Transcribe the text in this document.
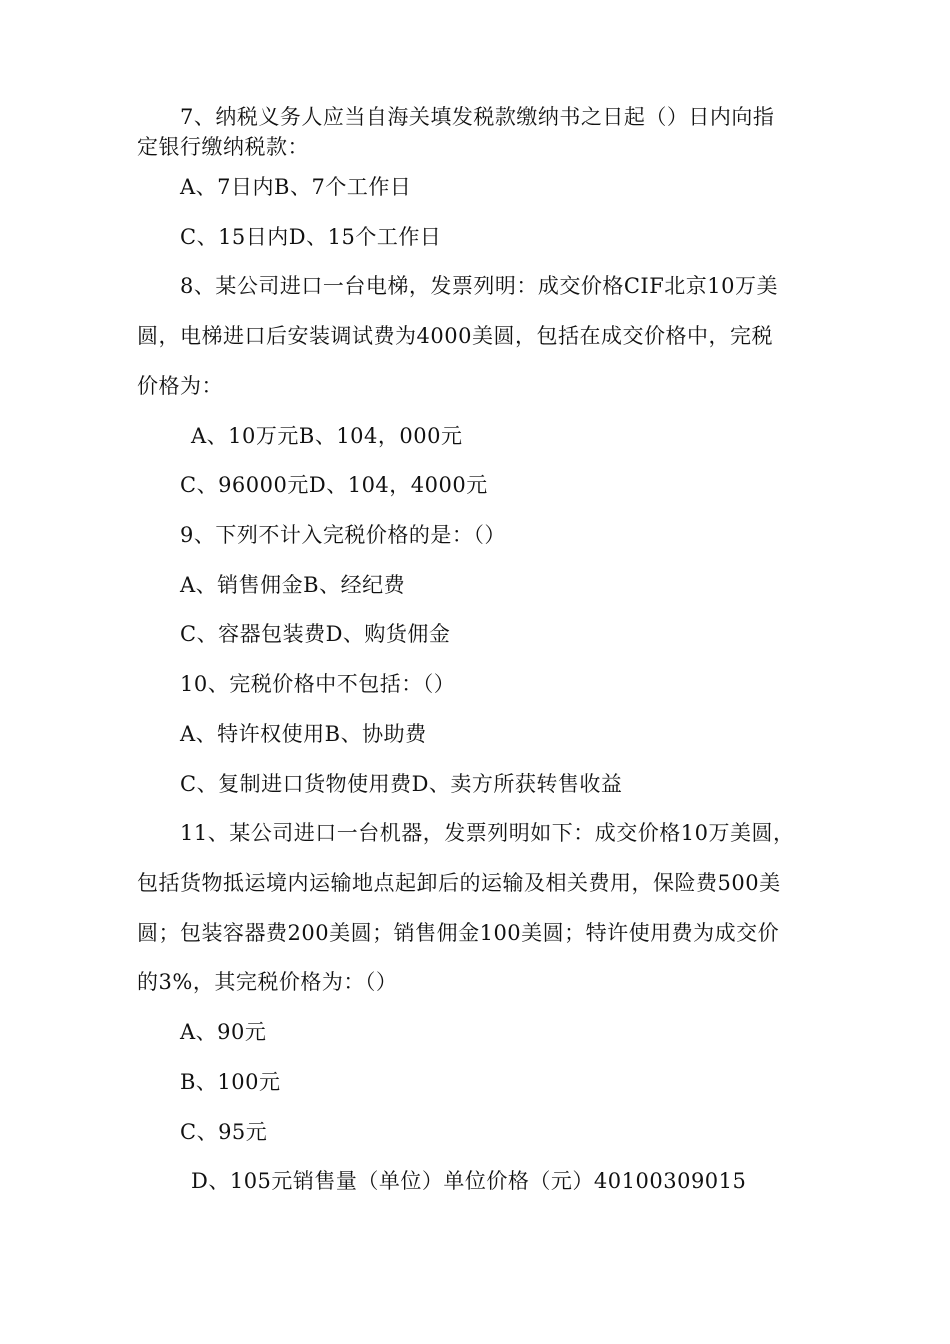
7、纳税义务人应当自海关填发税款缴纳书之日起（）日内向指
定银行缴纳税款：
A、7日内B、7个工作日
C、15日内D、15个工作日
8、某公司进口一台电梯，发票列明：成交价格CIF北京10万美
圆，电梯进口后安装调试费为4000美圆，包括在成交价格中，完税
价格为：
A、10万元B、104，000元
C、96000元D、104，4000元
9、下列不计入完税价格的是：（）
A、销售佣金B、经纪费
C、容器包装费D、购货佣金
10、完税价格中不包括：（）
A、特许权使用B、协助费
C、复制进口货物使用费D、卖方所获转售收益
11、某公司进口一台机器，发票列明如下：成交价格10万美圆，
包括货物抵运境内运输地点起卸后的运输及相关费用，保险费500美
圆；包装容器费200美圆；销售佣金100美圆；特许使用费为成交价
的3%，其完税价格为：（）
A、90元
B、100元
C、95元
D、105元销售量（单位）单位价格（元）40100309015
